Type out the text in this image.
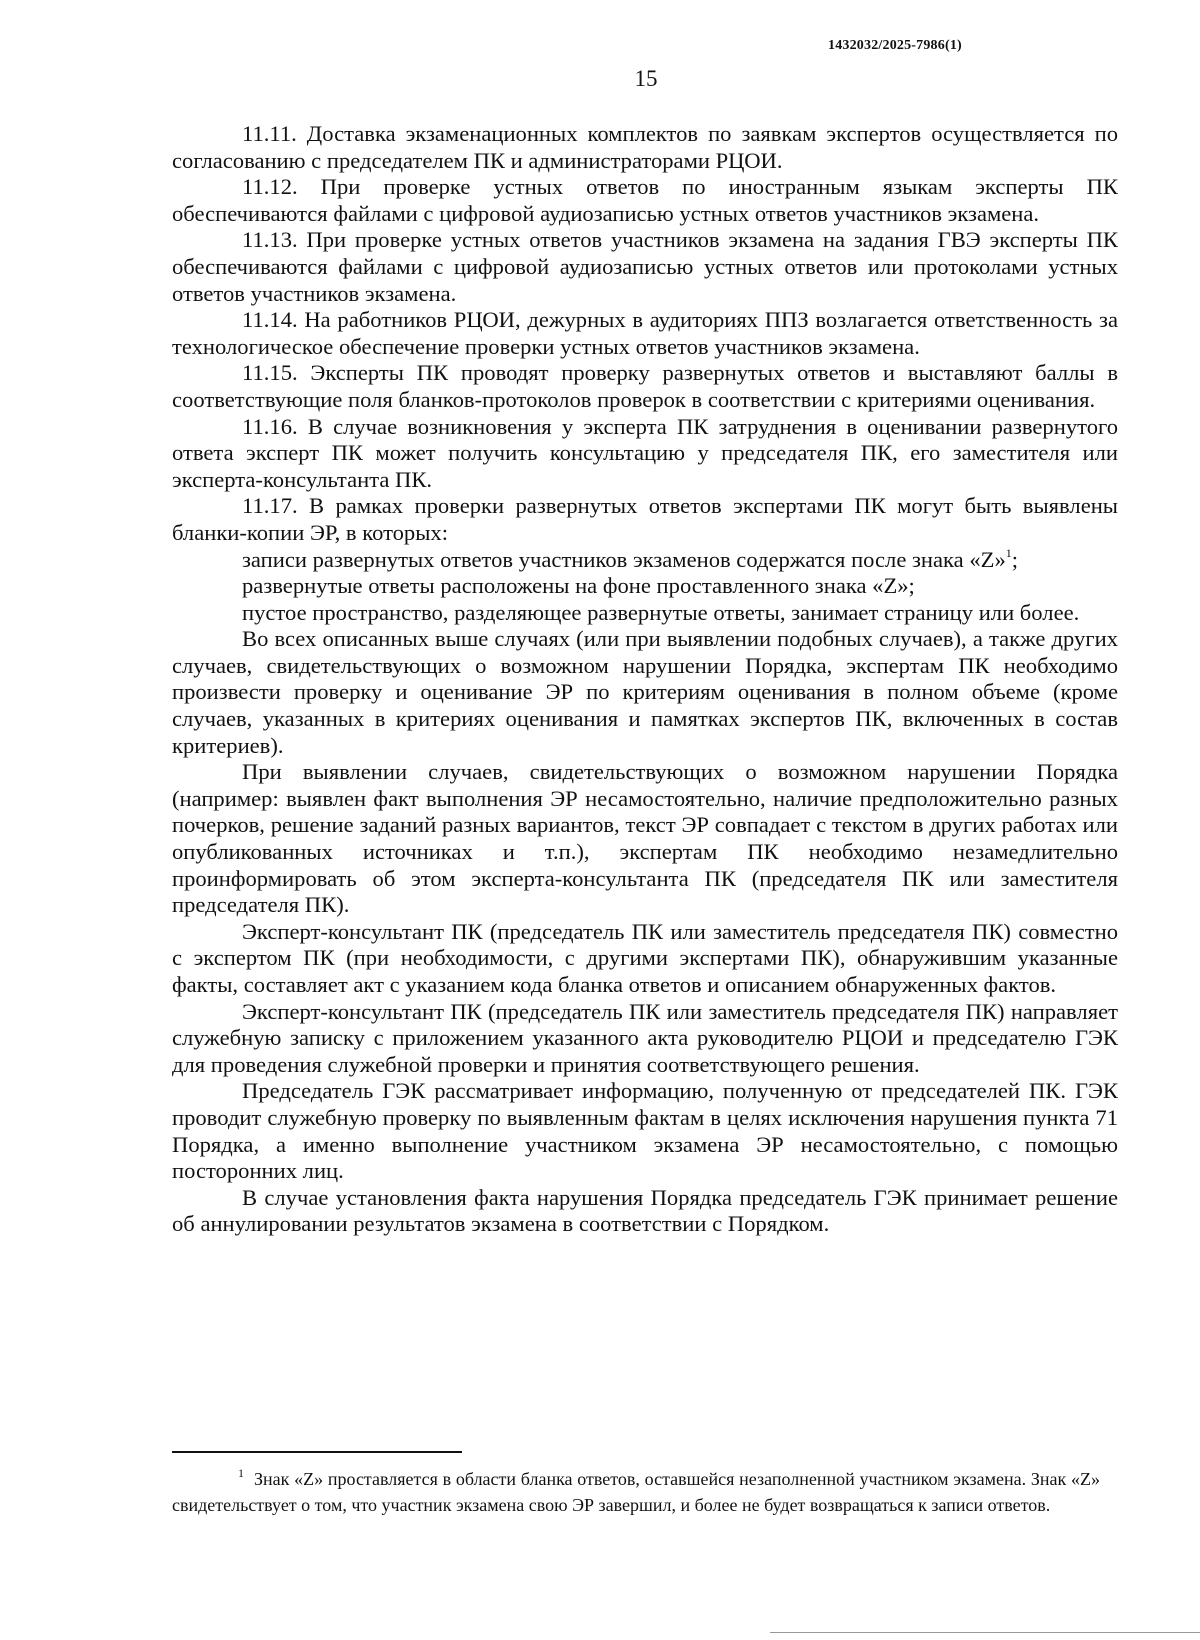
1432032/2025-7986(1)
15

11.11. Доставка экзаменационных комплектов по заявкам экспертов осуществляется по согласованию с председателем ПК и администраторами РЦОИ.

11.12. При проверке устных ответов по иностранным языкам эксперты ПК обеспечиваются файлами с цифровой аудиозаписью устных ответов участников экзамена.

11.13. При проверке устных ответов участников экзамена на задания ГВЭ эксперты ПК обеспечиваются файлами с цифровой аудиозаписью устных ответов или протоколами устных ответов участников экзамена.

11.14. На работников РЦОИ, дежурных в аудиториях ППЗ возлагается ответственность за технологическое обеспечение проверки устных ответов участников экзамена.

11.15. Эксперты ПК проводят проверку развернутых ответов и выставляют баллы в соответствующие поля бланков-протоколов проверок в соответствии с критериями оценивания.

11.16. В случае возникновения у эксперта ПК затруднения в оценивании развернутого ответа эксперт ПК может получить консультацию у председателя ПК, его заместителя или эксперта-консультанта ПК.

11.17. В рамках проверки развернутых ответов экспертами ПК могут быть выявлены бланки-копии ЭР, в которых:

записи развернутых ответов участников экзаменов содержатся после знака «Z»$^1$;

развернутые ответы расположены на фоне проставленного знака «Z»;

пустое пространство, разделяющее развернутые ответы, занимает страницу или более.

Во всех описанных выше случаях (или при выявлении подобных случаев), а также других случаев, свидетельствующих о возможном нарушении Порядка, экспертам ПК необходимо произвести проверку и оценивание ЭР по критериям оценивания в полном объеме (кроме случаев, указанных в критериях оценивания и памятках экспертов ПК, включенных в состав критериев).

При выявлении случаев, свидетельствующих о возможном нарушении Порядка (например: выявлен факт выполнения ЭР несамостоятельно, наличие предположительно разных почерков, решение заданий разных вариантов, текст ЭР совпадает с текстом в других работах или опубликованных источниках и т.п.), экспертам ПК необходимо незамедлительно проинформировать об этом эксперта-консультанта ПК (председателя ПК или заместителя председателя ПК).

Эксперт-консультант ПК (председатель ПК или заместитель председателя ПК) совместно с экспертом ПК (при необходимости, с другими экспертами ПК), обнаружившим указанные факты, составляет акт с указанием кода бланка ответов и описанием обнаруженных фактов.

Эксперт-консультант ПК (председатель ПК или заместитель председателя ПК) направляет служебную записку с приложением указанного акта руководителю РЦОИ и председателю ГЭК для проведения служебной проверки и принятия соответствующего решения.

Председатель ГЭК рассматривает информацию, полученную от председателей ПК. ГЭК проводит служебную проверку по выявленным фактам в целях исключения нарушения пункта 71 Порядка, а именно выполнение участником экзамена ЭР несамостоятельно, с помощью посторонних лиц.

В случае установления факта нарушения Порядка председатель ГЭК принимает решение об аннулировании результатов экзамена в соответствии с Порядком.

$^1$ Знак «Z» проставляется в области бланка ответов, оставшейся незаполненной участником экзамена. Знак «Z» свидетельствует о том, что участник экзамена свою ЭР завершил, и более не будет возвращаться к записи ответов.
